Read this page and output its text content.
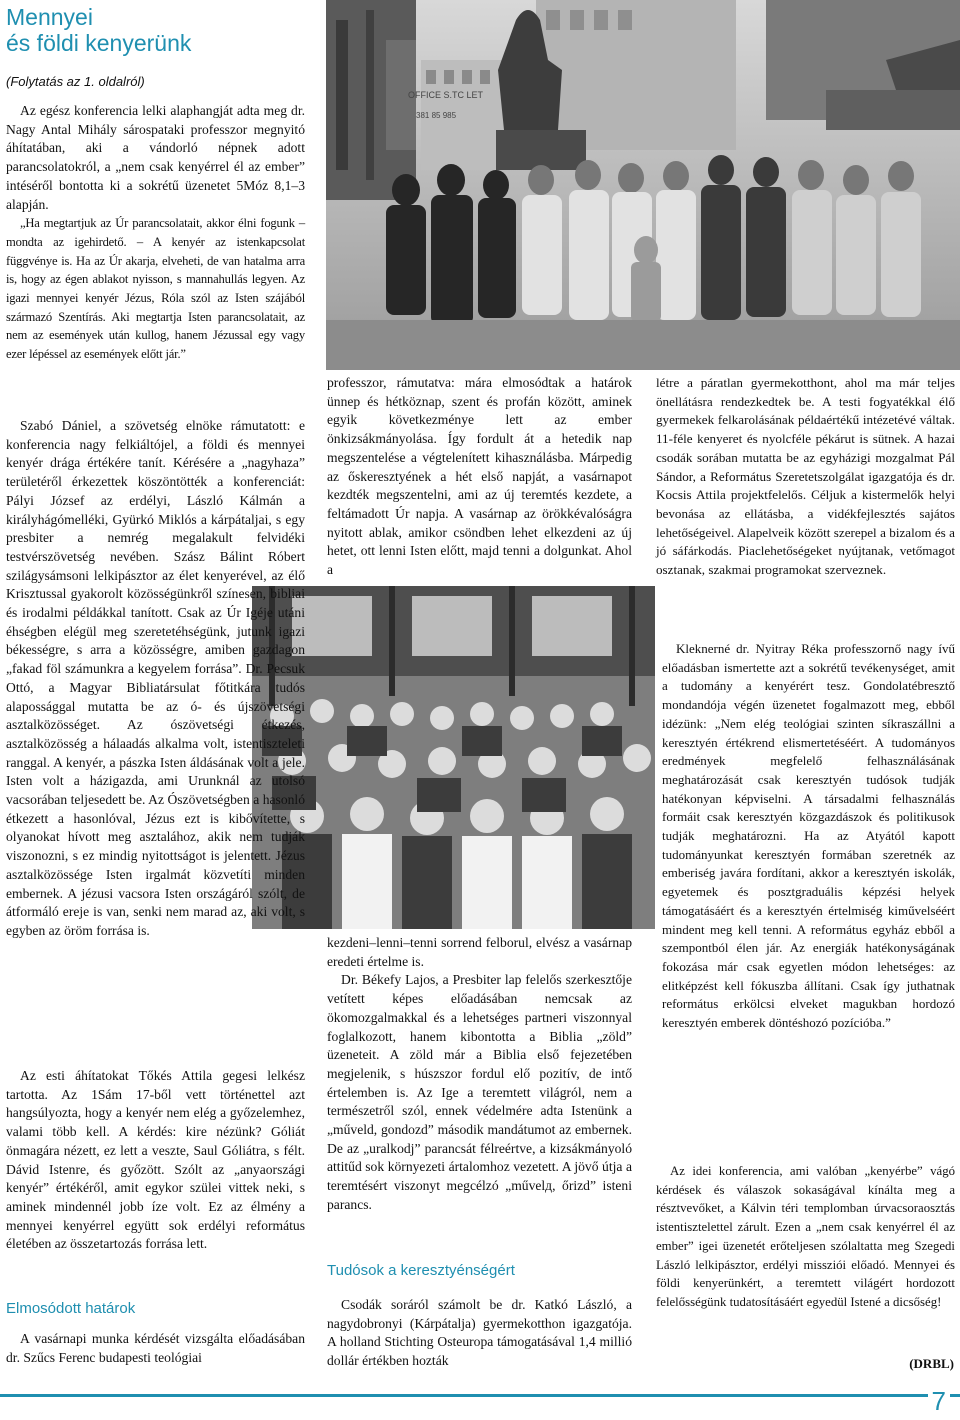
Mennyei
és földi kenyerünk
(Folytatás az 1. oldalról)
OFFICE S.TC LET
381 85 985

Az egész konferencia lelki alaphangját adta meg dr. Nagy Antal Mihály sárospataki professzor megnyitó áhítatában, aki a vándorló népnek adott parancsolatokról, a „nem csak kenyérrel él az ember” intéséről bontotta ki a sokrétű üzenetet 5Móz 8,1–3 alapján.

„Ha megtartjuk az Úr parancsolatait, akkor élni fogunk – mondta az igehirdető. – A kenyér az istenkapcsolat függvénye is. Ha az Úr akarja, elveheti, de van hatalma arra is, hogy az égen ablakot nyisson, s mannahullás legyen. Az igazi mennyei kenyér Jézus, Róla szól az Isten szájából származó Szentírás. Aki megtartja Isten parancsolatait, az nem az események után kullog, hanem Jézussal egy vagy ezer lépéssel az események előtt jár.”

Szabó Dániel, a szövetség elnöke rámutatott: e konferencia nagy felkiáltójel, a földi és mennyei kenyér drága értékére tanít. Kérésére a „nagyhaza” területéről érkezettek köszöntötték a konferenciát: Pályi József az erdélyi, László Kálmán a királyhágómelléki, Gyürkó Miklós a kárpátaljai, s egy presbiter a nemrég megalakult felvidéki testvérszövetség nevében. Szász Bálint Róbert szilágysámsoni lelkipásztor az élet kenyerével, az élő Krisztussal gyakorolt közösségünkről színesen, bibliai és irodalmi példákkal tanított. Csak az Úr Igéje utáni éhségben elégül meg szeretetéhségünk, jutunk igazi békességre, s arra a közösségre, amiben gazdagon „fakad föl számunkra a kegyelem forrása”. Dr. Pecsuk Ottó, a Magyar Bibliatársulat főtitkára tudós alapossággal mutatta be az ó- és újszövetségi asztalközösséget. Az ószövetségi étkezés, asztalközösség a hálaadás alkalma volt, istentiszteleti ranggal. A kenyér, a pászka Isten áldásának volt a jele. Isten volt a házigazda, ami Urunknál az utolsó vacsorában teljesedett be. Az Ószövetségben a hasonló étkezett a hasonlóval, Jézus ezt is kibővítette, s olyanokat hívott meg asztalához, akik nem tudják viszonozni, s ez mindig nyitottságot is jelentett. Jézus asztalközössége Isten irgalmát közvetíti minden embernek. A jézusi vacsora Isten országáról szólt, de átformáló ereje is van, senki nem marad az, aki volt, s egyben az öröm forrása is.

Az esti áhítatokat Tőkés Attila gegesi lelkész tartotta. Az 1Sám 17-ből vett történettel azt hangsúlyozta, hogy a kenyér nem elég a győzelemhez, valami több kell. A kérdés: kire nézünk? Góliát önmagára nézett, ez lett a veszte, Saul Góliátra, s félt. Dávid Istenre, és győzött. Szólt az „anyaországi kenyér” értékéről, amit egykor szülei vittek neki, s aminek mindennél jobb íze volt. Ez az élmény a mennyei kenyérrel együtt sok erdélyi református életében az összetartozás forrása lett.

Elmosódott határok

A vasárnapi munka kérdését vizsgálta előadásában dr. Szűcs Ferenc budapesti teológiai

professzor, rámutatva: mára elmosódtak a határok ünnep és hétköznap, szent és profán között, aminek egyik következménye lett az ember önkizsákmányolása. Így fordult át a hetedik nap megszentelése a végtelenített kihasználásba. Márpedig az őskeresztyének a hét első napját, a vasárnapot kezdték megszentelni, ami az új teremtés kezdete, a feltámadott Úr napja. A vasárnap az örökkévalóságra nyitott ablak, amikor csöndben lehet elkezdeni az új hetet, ott lenni Isten előtt, majd tenni a dolgunkat. Ahol a

kezdeni–lenni–tenni sorrend felborul, elvész a vasárnap eredeti értelme is.

Dr. Békefy Lajos, a Presbiter lap felelős szerkesztője vetített képes előadásában nemcsak az ökomozgalmakkal és a lehetséges partneri viszonnyal foglalkozott, hanem kibontotta a Biblia „zöld” üzeneteit. A zöld már a Biblia első fejezetében megjelenik, s húszszor fordul elő pozitív, de intő értelemben is. Az Ige a teremtett világról, nem a természetről szól, ennek védelmére adta Istenünk a „műveld, gondozd” második mandátumot az embernek. De az „uralkodj” parancsát félreértve, a kizsákmányoló attitűd sok környezeti ártalomhoz vezetett. A jövő útja a teremtésért viszonyt megcélzó „művelд, őrizd” isteni parancs.

Tudósok a keresztyénségért

Csodák soráról számolt be dr. Katkó László, a nagydobronyi (Kárpátalja) gyermekotthon igazgatója. A holland Stichting Osteuropa támogatásával 1,4 millió dollár értékben hozták

létre a páratlan gyermekotthont, ahol ma már teljes önellátásra rendezkedtek be. A testi fogyatékkal élő gyermekek felkarolásának példaértékű intézetévé váltak. 11-féle kenyeret és nyolcféle pékárut is sütnek. A hazai csodák sorában mutatta be az egyházigi mozgalmat Pál Sándor, a Református Szeretetszolgálat igazgatója és dr. Kocsis Attila projektfelelős. Céljuk a kistermelők helyi bevonása az ellátásba, a vidékfejlesztés sajátos lehetőségeivel. Alapelveik között szerepel a bizalom és a jó sáfárkodás. Piaclehetőségeket nyújtanak, vetőmagot osztanak, szakmai programokat szerveznek.

Kleknerné dr. Nyitray Réka professzornő nagy ívű előadásban ismertette azt a sokrétű tevékenységet, amit a tudomány a kenyérért tesz. Gondolatébresztő mondandója végén üzenetet fogalmazott meg, ebből idézünk: „Nem elég teológiai szinten síkraszállni a keresztyén értékrend elismertetéséért. A tudományos eredmények megfelelő felhasználásának meghatározását csak keresztyén tudósok tudják hatékonyan képviselni. A társadalmi felhasználás formáit csak keresztyén közgazdászok és politikusok tudják meghatározni. Ha az Atyától kapott tudományunkat keresztyén formában szeretnék az emberiség javára fordítani, akkor a keresztyén iskolák, egyetemek és posztgraduális képzési helyek támogatásáért és a keresztyén értelmiség kiművelséért mindent meg kell tenni. A református egyház ebből a szempontból élen jár. Az energiák hatékonyságának fokozása már csak egyetlen módon lehetséges: az elitképzést kell fókuszba állítani. Csak így juthatnak református erkölcsi elveket magukban hordozó keresztyén emberek döntéshozó pozícióba.”

Az idei konferencia, ami valóban „kenyérbe” vágó kérdések és válaszok sokaságával kínálta meg a résztvevőket, a Kálvin téri templomban úrvacsoraosztás istentisztelettel zárult. Ezen a „nem csak kenyérrel él az ember” igei üzenetét erőteljesen szólaltatta meg Szegedi László lelkipásztor, erdélyi missziói előadó. Mennyei és földi kenyerünkért, a teremtett világért hordozott felelősségünk tudatosításáért egyedül Istené a dicsőség!

(DRBL)
7
